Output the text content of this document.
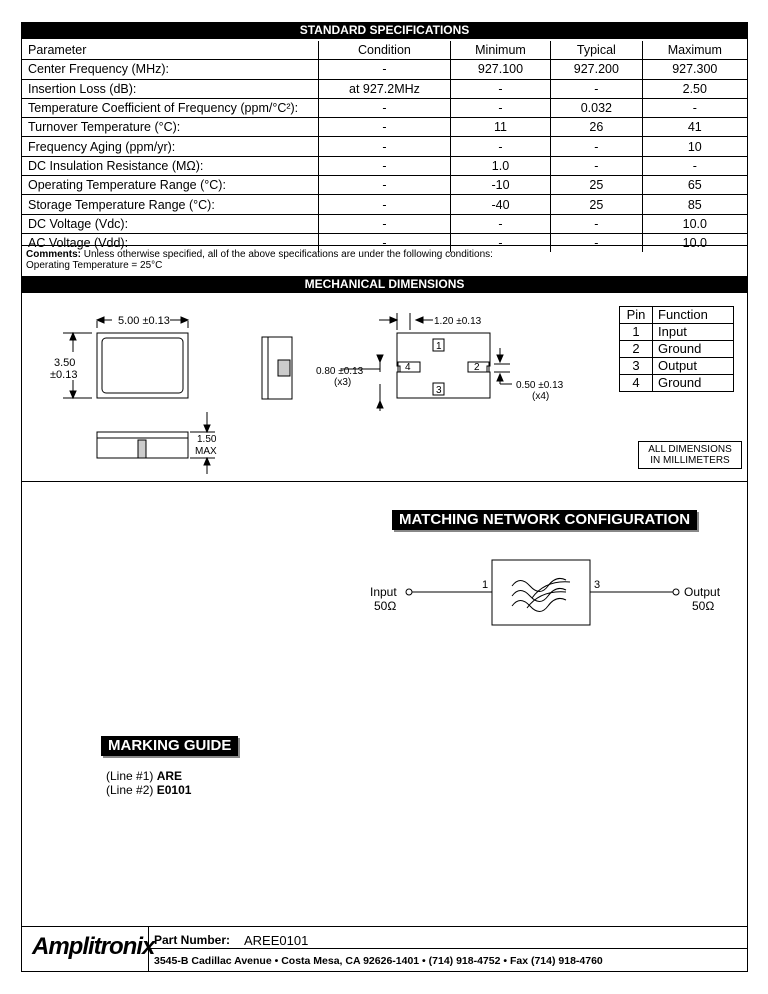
STANDARD SPECIFICATIONS
Parameter	Condition	Minimum	Typical	Maximum
Center Frequency (MHz):	-	927.100	927.200	927.300
Insertion Loss (dB):	at 927.2MHz	-	-	2.50
Temperature Coefficient of Frequency (ppm/°C²):	-	-	0.032	-
Turnover Temperature (°C):	-	11	26	41
Frequency Aging (ppm/yr):	-	-	-	10
DC Insulation Resistance (MΩ):	-	1.0	-	-
Operating Temperature Range (°C):	-	-10	25	65
Storage Temperature Range (°C):	-	-40	25	85
DC Voltage (Vdc):	-	-	-	10.0
AC Voltage (Vdd):	-	-	-	10.0
Comments: Unless otherwise specified, all of the above specifications are under the following conditions:
Operating Temperature = 25°C
MECHANICAL DIMENSIONS
5.00 ±0.13
3.50
±0.13
1.50
MAX
1.20 ±0.13
0.80 ±0.13
(x3)	0.50 ±0.13
(x4)
1
2
3
4
Input
50Ω
Output
50Ω
1	3
Pin	Function
1	Input
2	Ground
3	Output
4	Ground
ALL DIMENSIONS
IN MILLIMETERS
MATCHING NETWORK CONFIGURATION
MARKING GUIDE
(Line #1) ARE
(Line #2) E0101
Amplitronix Part Number: AREE0101
3545-B Cadillac Avenue • Costa Mesa, CA 92626-1401 • (714) 918-4752 • Fax (714) 918-4760
